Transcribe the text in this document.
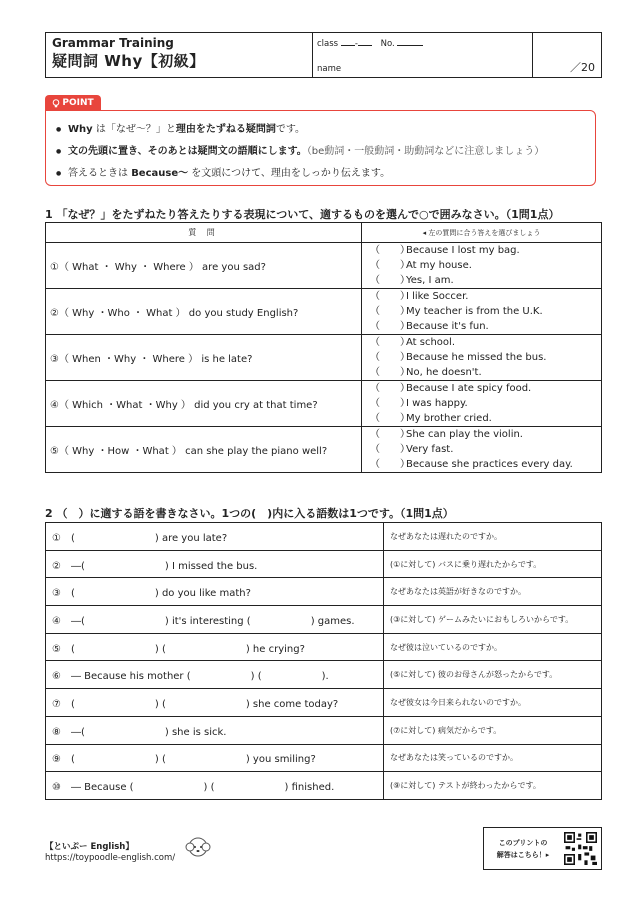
Grammar Training
疑問詞 Why【初級】
class -	No.
name	／20
POINT
● Why は「なぜ～？」と理由をたずねる疑問詞です。
● 文の先頭に置き、そのあとは疑問文の語順にします。（be動詞・一般動詞・助動詞などに注意しましょう）
● 答えるときは Because～ を文頭につけて、理由をしっかり伝えます。
1 「なぜ？」をたずねたり答えたりする表現について、適するものを選んで○で囲みなさい。（1問1点）
質 問	◂ 左の質問に合う答えを選びましょう
①（ What ・ Why ・ Where ） are you sad?	（　　）Because I lost my bag.
（　　）At my house.
（　　）Yes, I am.

②（ Why ・Who ・ What ） do you study English?	（　　）I like Soccer.
（　　）My teacher is from the U.K.
（　　）Because it's fun.

③（ When ・Why ・ Where ） is he late?	（　　）At school.
（　　）Because he missed the bus.
（　　）No, he doesn't.

④（ Which ・What ・Why ） did you cry at that time?	（　　）Because I ate spicy food.
（　　）I was happy.
（　　）My brother cried.

⑤（ Why ・How ・What ） can she play the piano well?	（　　）She can play the violin.
（　　）Very fast.
（　　）Because she practices every day.
2 （　）に適する語を書きなさい。1つの(　)内に入る語数は1つです。（1問1点）
①　(　　　　　　　　) are you late?	なぜあなたは遅れたのですか。
②　―(　　　　　　　　) I missed the bus.	(①に対して) バスに乗り遅れたからです。
③　(　　　　　　　　) do you like math?	なぜあなたは英語が好きなのですか。
④　―(　　　　　　　　) it's interesting (　　　　　　) games.	(③に対して) ゲームみたいにおもしろいからです。
⑤　(　　　　　　　　) (　　　　　　　　) he crying?	なぜ彼は泣いているのですか。
⑥　― Because his mother (　　　　　　) (　　　　　　).	(⑤に対して) 彼のお母さんが怒ったからです。
⑦　(　　　　　　　　) (　　　　　　　　) she come today?	なぜ彼女は今日来られないのですか。
⑧　―(　　　　　　　　) she is sick.	(⑦に対して) 病気だからです。
⑨　(　　　　　　　　) (　　　　　　　　) you smiling?	なぜあなたは笑っているのですか。
⑩　― Because (　　　　　　　) (　　　　　　　) finished.	(⑨に対して) テストが終わったからです。
【といぷー English】
https://toypoodle-english.com/
このプリントの
解答はこちら！▸
